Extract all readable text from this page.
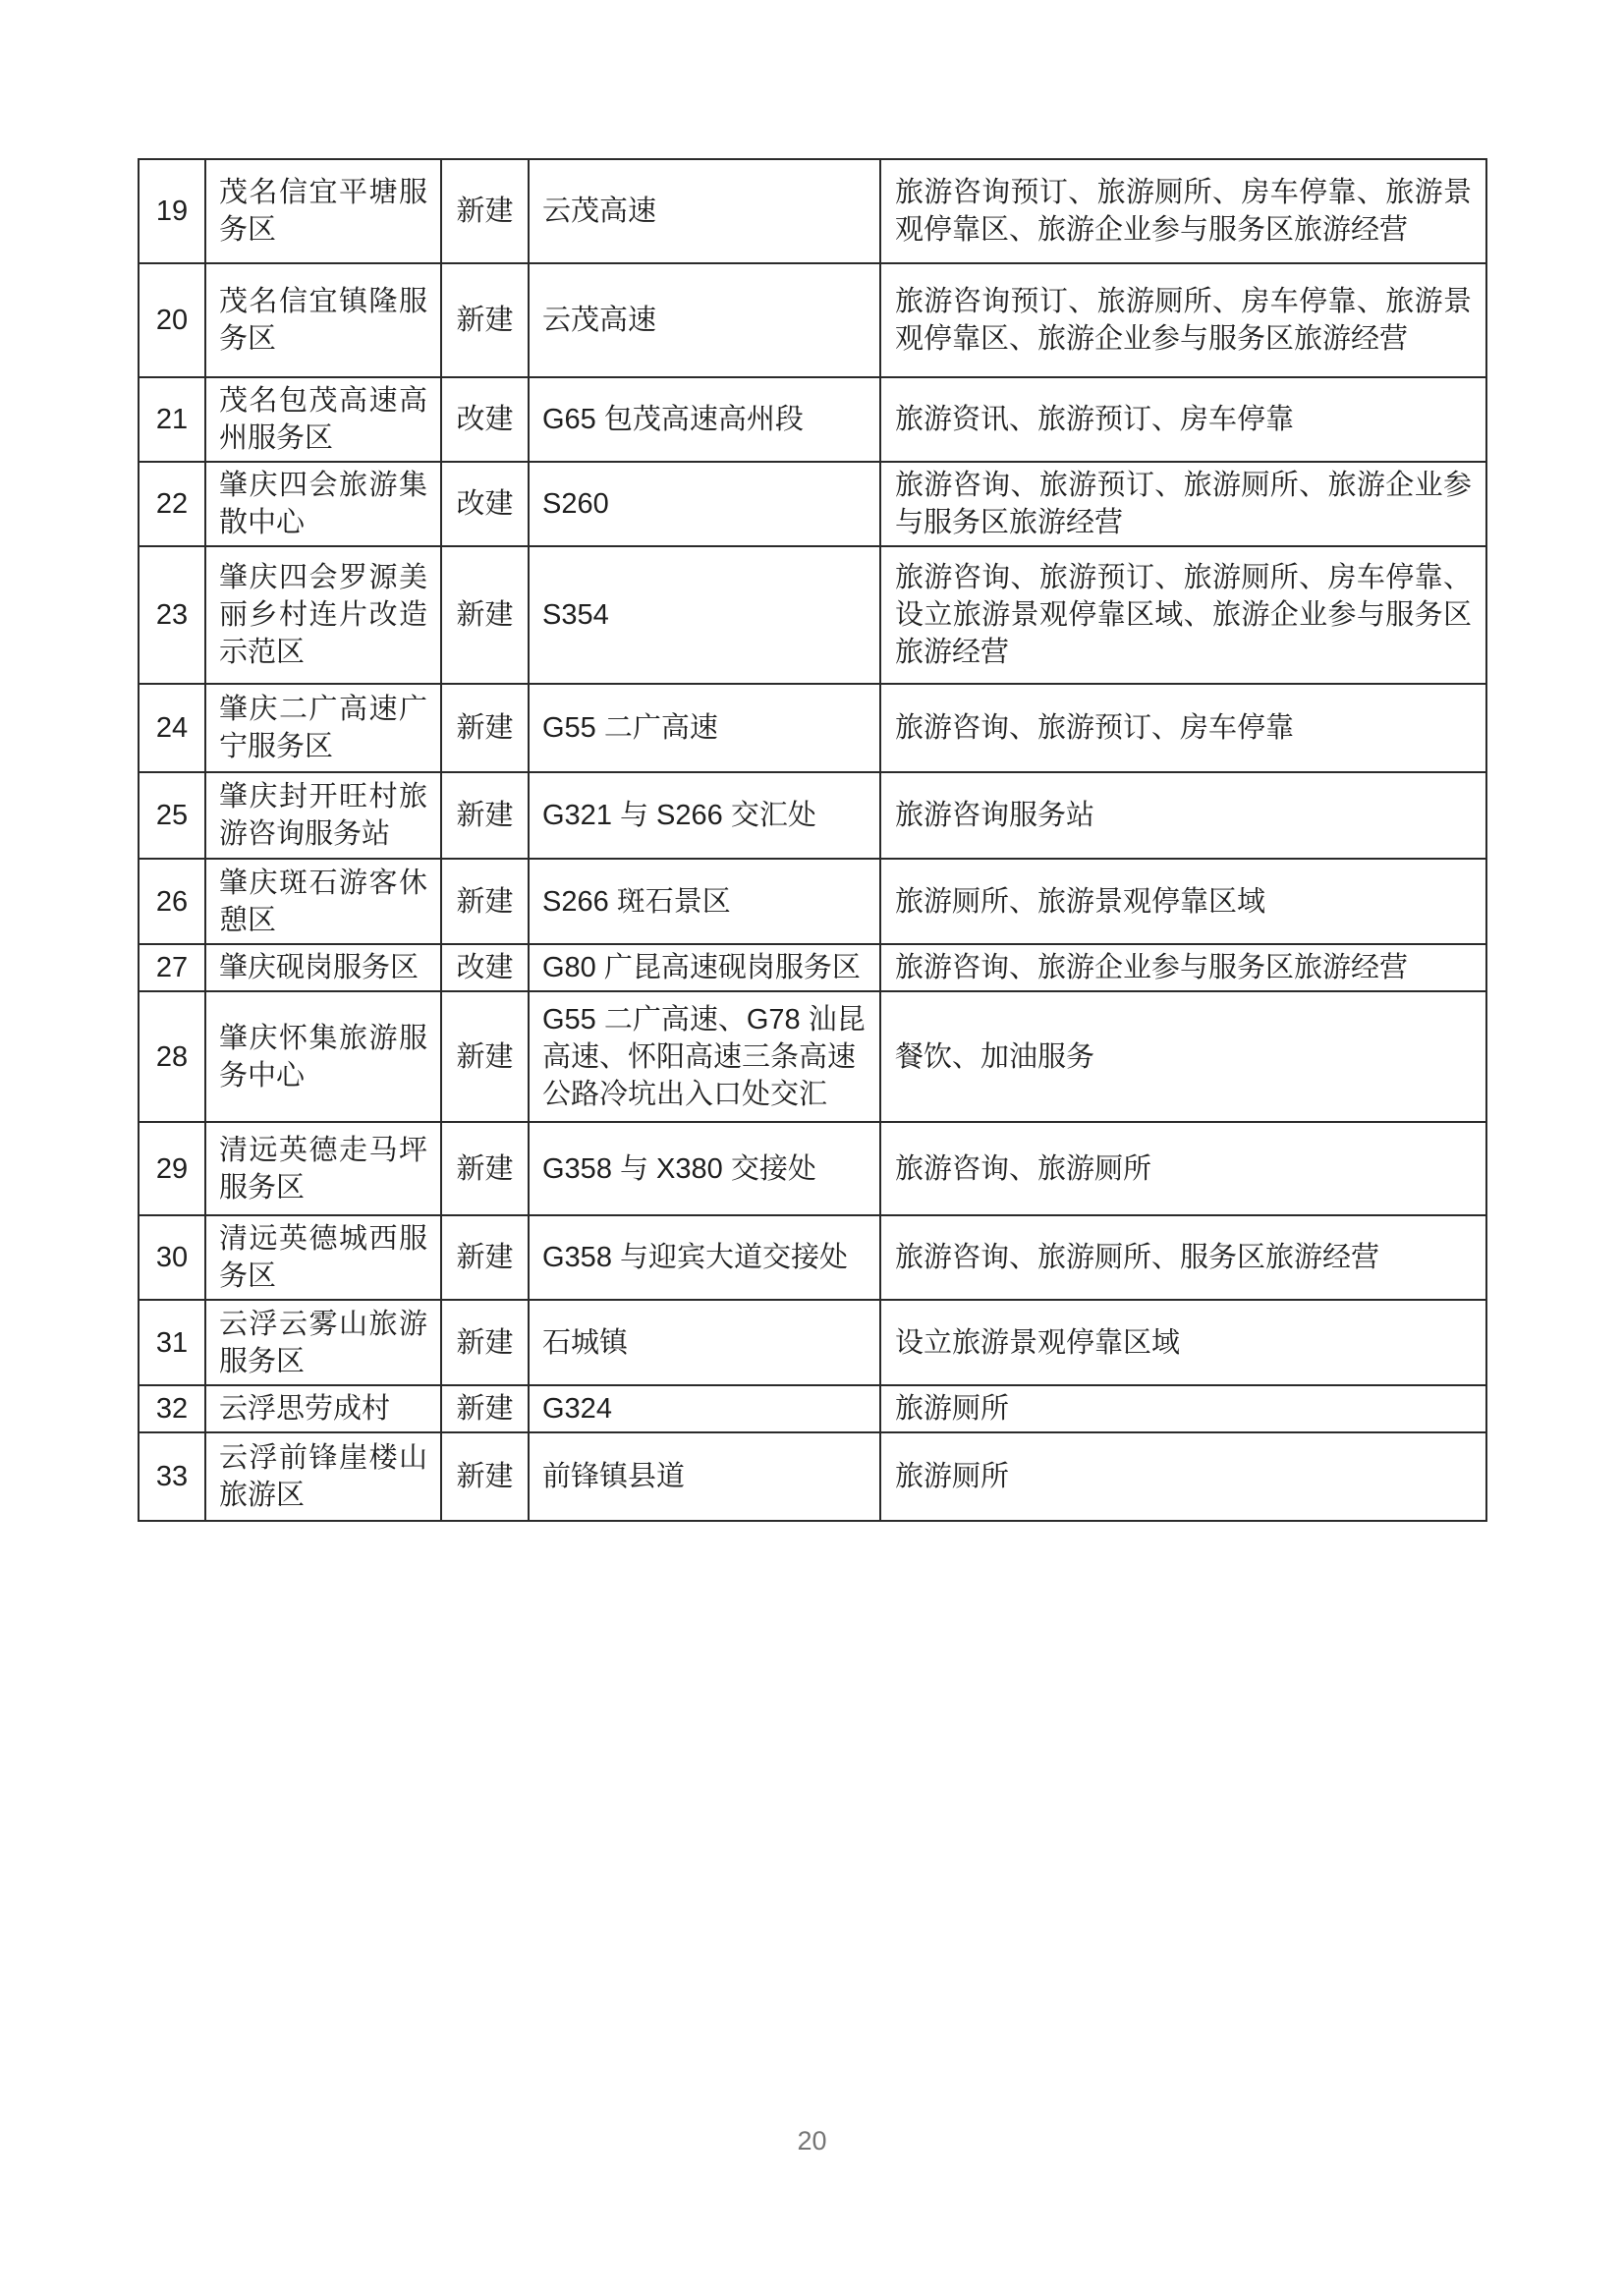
19	茂名信宜平塘服务区	新建	云茂高速	旅游咨询预订、旅游厕所、房车停靠、旅游景观停靠区、旅游企业参与服务区旅游经营
20	茂名信宜镇隆服务区	新建	云茂高速	旅游咨询预订、旅游厕所、房车停靠、旅游景观停靠区、旅游企业参与服务区旅游经营
21	茂名包茂高速高州服务区	改建	G65 包茂高速高州段	旅游资讯、旅游预订、房车停靠
22	肇庆四会旅游集散中心	改建	S260	旅游咨询、旅游预订、旅游厕所、旅游企业参与服务区旅游经营
23	肇庆四会罗源美丽乡村连片改造示范区	新建	S354	旅游咨询、旅游预订、旅游厕所、房车停靠、设立旅游景观停靠区域、旅游企业参与服务区旅游经营
24	肇庆二广高速广宁服务区	新建	G55 二广高速	旅游咨询、旅游预订、房车停靠
25	肇庆封开旺村旅游咨询服务站	新建	G321 与 S266 交汇处	旅游咨询服务站
26	肇庆斑石游客休憩区	新建	S266 斑石景区	旅游厕所、旅游景观停靠区域
27	肇庆砚岗服务区	改建	G80 广昆高速砚岗服务区	旅游咨询、旅游企业参与服务区旅游经营
28	肇庆怀集旅游服务中心	新建	G55 二广高速、G78 汕昆高速、怀阳高速三条高速公路冷坑出入口处交汇	餐饮、加油服务
29	清远英德走马坪服务区	新建	G358 与 X380 交接处	旅游咨询、旅游厕所
30	清远英德城西服务区	新建	G358 与迎宾大道交接处	旅游咨询、旅游厕所、服务区旅游经营
31	云浮云雾山旅游服务区	新建	石城镇	设立旅游景观停靠区域
32	云浮思劳成村	新建	G324	旅游厕所
33	云浮前锋崖楼山旅游区	新建	前锋镇县道	旅游厕所
20
